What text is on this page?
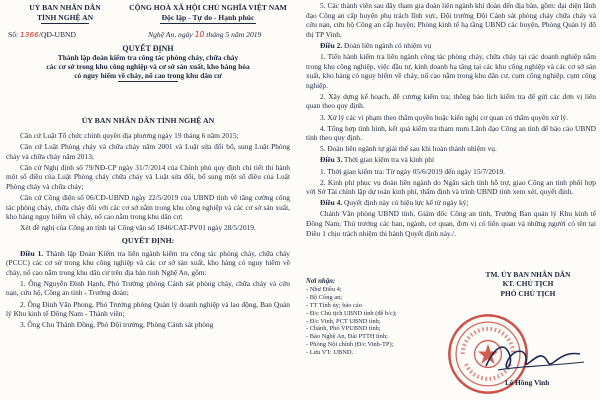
UỶ BAN NHÂN DÂN
TỈNH NGHỆ AN
CỘNG HOÀ XÃ HỘI CHỦ NGHĨA VIỆT NAM
Độc lập - Tự do - Hạnh phúc
Số: 1366/QĐ-UBND	Nghệ An, ngày 10 tháng 5 năm 2019
QUYẾT ĐỊNH
Thành lập đoàn kiểm tra công tác phòng cháy, chữa cháy
các cơ sở trong khu công nghiệp và cơ sở sản xuất, kho hàng hóa
có nguy hiểm về cháy, nổ cao trong khu dân cư
ỦY BAN NHÂN DÂN TỈNH NGHỆ AN

Căn cứ Luật Tổ chức chính quyền địa phương ngày 19 tháng 6 năm 2015;

Căn cứ Luật Phòng cháy và chữa cháy năm 2001 và Luật sửa đổi bổ, sung Luật Phòng cháy và chữa cháy năm 2013;

Căn cứ Nghị định số 79/NĐ-CP ngày 31/7/2014 của Chính phủ quy định chi tiết thi hành một số điều của Luật Phòng cháy chữa cháy và Luật sửa đổi, bổ sung một số điều của Luật Phòng cháy và chữa cháy;

Căn cứ Công điện số 06/CĐ-UBND ngày 22/5/2019 của UBND tỉnh về tăng cường công tác phòng cháy, chữa cháy đối với các cơ sở nằm trong khu công nghiệp và các cơ sở sản xuất, kho hàng nguy hiểm về cháy, nổ cao nằm trong khu dân cư;

Xét đề nghị của Công an tỉnh tại Công văn số 1846/CAT-PV01 ngày 28/5/2019.

QUYẾT ĐỊNH:

Điều 1. Thành lập Đoàn Kiểm tra liên ngành kiểm tra công tác phòng cháy, chữa cháy (PCCC) các cơ sở trong khu công nghiệp và các cơ sở sản xuất, kho hàng có nguy hiểm về cháy, nổ cao nằm trong khu dân cư trên địa bàn tỉnh Nghệ An, gồm:

1. Ông Nguyễn Đình Hạnh, Phó Trưởng phòng Cảnh sát phòng cháy, chữa cháy và cứu nạn, cứu hộ, Công an tỉnh - Trưởng đoàn;

2. Ông Đinh Văn Phong, Phó Trưởng phòng Quản lý doanh nghiệp và lao động, Ban Quản lý Khu kinh tế Đông Nam - Thành viên;

3. Ông Chu Thành Đồng, Phó Đội trưởng, Phòng Cảnh sát phòng

5. Các thành viên sau đây tham gia đoàn liên ngành khi đoàn đến địa bàn, gồm: đại diện lãnh đạo Công an cấp huyện phụ trách lĩnh vực, Đội trưởng Đội Cảnh sát phòng cháy chữa cháy và cứu nạn, cứu hộ Công an cấp huyện; Phòng kinh tế hạ tầng UBND các huyện, Phòng Quản lý đô thị TP Vinh.

Điều 2. Đoàn liên ngành có nhiệm vụ

1. Tiến hành kiểm tra liên ngành công tác phòng cháy, chữa cháy tại các doanh nghiệp nằm trong khu công nghiệp, việc đầu tư, kinh doanh hạ tầng tại các khu công nghiệp và các cơ sở sản xuất, kho hàng có nguy hiểm về cháy, nổ cao nằm trong khu dân cư, cụm công nghiệp, cụm công nghiệp.

2. Xây dựng kế hoạch, đề cương kiểm tra; thông báo lịch kiểm tra để gửi các đơn vị liên quan theo quy định.

3. Xử lý các vi phạm theo thẩm quyền hoặc kiến nghị cơ quan có thẩm quyền xử lý.

4. Tổng hợp tình hình, kết quả kiểm tra tham mưu Lãnh đạo Công an tỉnh để báo cáo UBND tỉnh theo quy định.

5. Đoàn liên ngành tự giải thể sau khi hoàn thành nhiệm vụ.

Điều 3. Thời gian kiểm tra và kinh phí

1. Thời gian kiểm tra: Từ ngày 05/6/2019 đến ngày 15/7/2019.

2. Kinh phí phục vụ đoàn liên ngành do Ngân sách tỉnh hỗ trợ, giao Công an tỉnh phối hợp với Sở Tài chính lập dự toán kinh phí, thẩm định và trình UBND tỉnh xem xét, quyết định.

Điều 4. Quyết định này có hiệu lực kể từ ngày ký;

Chánh Văn phòng UBND tỉnh, Giám đốc Công an tỉnh, Trưởng Ban quản lý Khu kinh tế Đông Nam; Thủ trưởng các ban, ngành, cơ quan, đơn vị có liên quan và những người có tên tại Điều 1 chịu trách nhiệm thi hành Quyết định này./.

Nơi nhận:
- Như Điều 4;
- Bộ Công an;
- TT Tỉnh ủy; báo cáo
- Đ/c Chủ tịch UBND tỉnh (để b/c);
- Đ/c Vinh, PCT UBND tỉnh;
- Chánh, Phó VPUBND tỉnh;
- Báo Nghệ An, Đài PTTH tỉnh;
- Phòng Nội chính (Đ/c Vinh-TP);
- Lưu VT: UBND.
TM. ỦY BAN NHÂN DÂN
KT. CHỦ TỊCH
PHÓ CHỦ TỊCH
Lê Hồng Vinh
